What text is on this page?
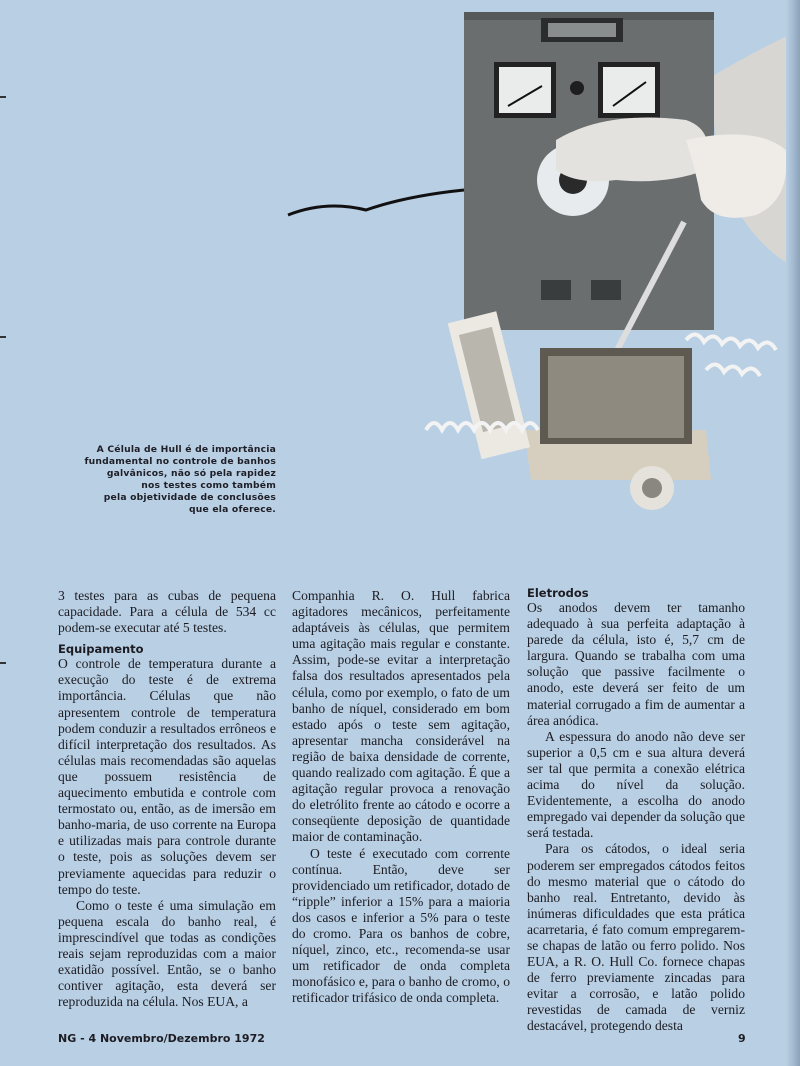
A Célula de Hull é de importância
fundamental no controle de banhos
galvânicos, não só pela rapidez
nos testes como também
pela objetividade de conclusões
que ela oferece.

3 testes para as cubas de pequena capacidade. Para a célula de 534 cc podem-se executar até 5 testes.

Equipamento

O controle de temperatura durante a execução do teste é de extrema importância. Células que não apresentem controle de temperatura podem conduzir a resultados errôneos e difícil interpretação dos resultados. As células mais recomendadas são aquelas que possuem resistência de aquecimento embutida e controle com termostato ou, então, as de imersão em banho-maria, de uso corrente na Europa e utilizadas mais para controle durante o teste, pois as soluções devem ser previamente aquecidas para reduzir o tempo do teste.

Como o teste é uma simulação em pequena escala do banho real, é imprescindível que todas as condições reais sejam reproduzidas com a maior exatidão possível. Então, se o banho contiver agitação, esta deverá ser reproduzida na célula. Nos EUA, a

Companhia R. O. Hull fabrica agitadores mecânicos, perfeitamente adaptáveis às células, que permitem uma agitação mais regular e constante. Assim, pode-se evitar a interpretação falsa dos resultados apresentados pela célula, como por exemplo, o fato de um banho de níquel, considerado em bom estado após o teste sem agitação, apresentar mancha considerável na região de baixa densidade de corrente, quando realizado com agitação. É que a agitação regular provoca a renovação do eletrólito frente ao cátodo e ocorre a conseqüente deposição de quantidade maior de contaminação.

O teste é executado com corrente contínua. Então, deve ser providenciado um retificador, dotado de “ripple” inferior a 15% para a maioria dos casos e inferior a 5% para o teste do cromo. Para os banhos de cobre, níquel, zinco, etc., recomenda-se usar um retificador de onda completa monofásico e, para o banho de cromo, o retificador trifásico de onda completa.

Eletrodos

Os anodos devem ter tamanho adequado à sua perfeita adaptação à parede da célula, isto é, 5,7 cm de largura. Quando se trabalha com uma solução que passive facilmente o anodo, este deverá ser feito de um material corrugado a fim de aumentar a área anódica.

A espessura do anodo não deve ser superior a 0,5 cm e sua altura deverá ser tal que permita a conexão elétrica acima do nível da solução. Evidentemente, a escolha do anodo empregado vai depender da solução que será testada.

Para os cátodos, o ideal seria poderem ser empregados cátodos feitos do mesmo material que o cátodo do banho real. Entretanto, devido às inúmeras dificuldades que esta prática acarretaria, é fato comum empregarem-se chapas de latão ou ferro polido. Nos EUA, a R. O. Hull Co. fornece chapas de ferro previamente zincadas para evitar a corrosão, e latão polido revestidas de camada de verniz destacável, protegendo desta

NG - 4 Novembro/Dezembro 1972	9
